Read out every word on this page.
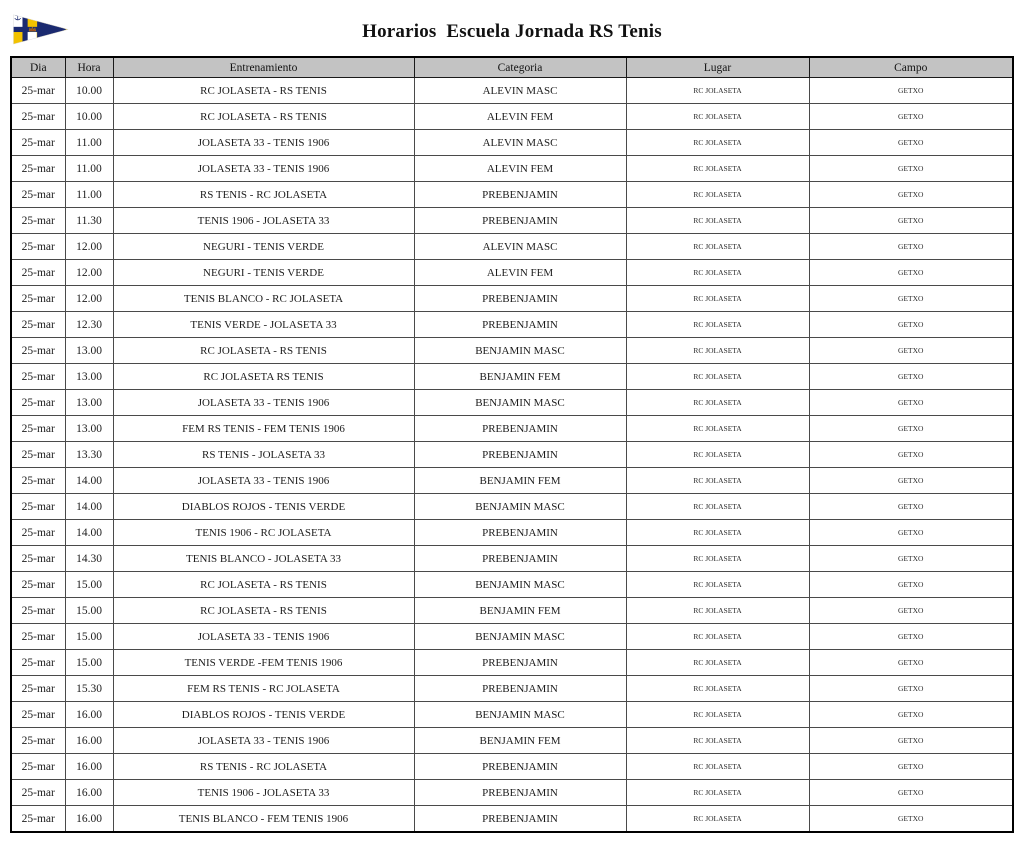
Horarios  Escuela Jornada RS Tenis
Dia	Hora	Entrenamiento	Categoria	Lugar	Campo
25-mar	10.00	RC JOLASETA - RS TENIS	ALEVIN MASC	RC JOLASETA	GETXO
25-mar	10.00	RC JOLASETA - RS TENIS	ALEVIN FEM	RC JOLASETA	GETXO
25-mar	11.00	JOLASETA 33 - TENIS 1906	ALEVIN MASC	RC JOLASETA	GETXO
25-mar	11.00	JOLASETA 33 - TENIS 1906	ALEVIN FEM	RC JOLASETA	GETXO
25-mar	11.00	RS TENIS - RC JOLASETA	PREBENJAMIN	RC JOLASETA	GETXO
25-mar	11.30	TENIS 1906 - JOLASETA 33	PREBENJAMIN	RC JOLASETA	GETXO
25-mar	12.00	NEGURI - TENIS VERDE	ALEVIN MASC	RC JOLASETA	GETXO
25-mar	12.00	NEGURI - TENIS VERDE	ALEVIN FEM	RC JOLASETA	GETXO
25-mar	12.00	TENIS BLANCO - RC JOLASETA	PREBENJAMIN	RC JOLASETA	GETXO
25-mar	12.30	TENIS VERDE - JOLASETA 33	PREBENJAMIN	RC JOLASETA	GETXO
25-mar	13.00	RC JOLASETA - RS TENIS	BENJAMIN MASC	RC JOLASETA	GETXO
25-mar	13.00	RC JOLASETA RS TENIS	BENJAMIN FEM	RC JOLASETA	GETXO
25-mar	13.00	JOLASETA 33 - TENIS 1906	BENJAMIN MASC	RC JOLASETA	GETXO
25-mar	13.00	FEM RS TENIS - FEM TENIS 1906	PREBENJAMIN	RC JOLASETA	GETXO
25-mar	13.30	RS TENIS - JOLASETA 33	PREBENJAMIN	RC JOLASETA	GETXO
25-mar	14.00	JOLASETA 33 - TENIS 1906	BENJAMIN FEM	RC JOLASETA	GETXO
25-mar	14.00	DIABLOS ROJOS - TENIS VERDE	BENJAMIN MASC	RC JOLASETA	GETXO
25-mar	14.00	TENIS 1906 - RC JOLASETA	PREBENJAMIN	RC JOLASETA	GETXO
25-mar	14.30	TENIS BLANCO - JOLASETA 33	PREBENJAMIN	RC JOLASETA	GETXO
25-mar	15.00	RC JOLASETA - RS TENIS	BENJAMIN MASC	RC JOLASETA	GETXO
25-mar	15.00	RC JOLASETA - RS TENIS	BENJAMIN FEM	RC JOLASETA	GETXO
25-mar	15.00	JOLASETA 33 - TENIS 1906	BENJAMIN MASC	RC JOLASETA	GETXO
25-mar	15.00	TENIS VERDE -FEM TENIS 1906	PREBENJAMIN	RC JOLASETA	GETXO
25-mar	15.30	FEM RS TENIS - RC JOLASETA	PREBENJAMIN	RC JOLASETA	GETXO
25-mar	16.00	DIABLOS ROJOS - TENIS VERDE	BENJAMIN MASC	RC JOLASETA	GETXO
25-mar	16.00	JOLASETA 33 - TENIS 1906	BENJAMIN FEM	RC JOLASETA	GETXO
25-mar	16.00	RS TENIS - RC JOLASETA	PREBENJAMIN	RC JOLASETA	GETXO
25-mar	16.00	TENIS 1906 - JOLASETA 33	PREBENJAMIN	RC JOLASETA	GETXO
25-mar	16.00	TENIS BLANCO - FEM TENIS 1906	PREBENJAMIN	RC JOLASETA	GETXO
